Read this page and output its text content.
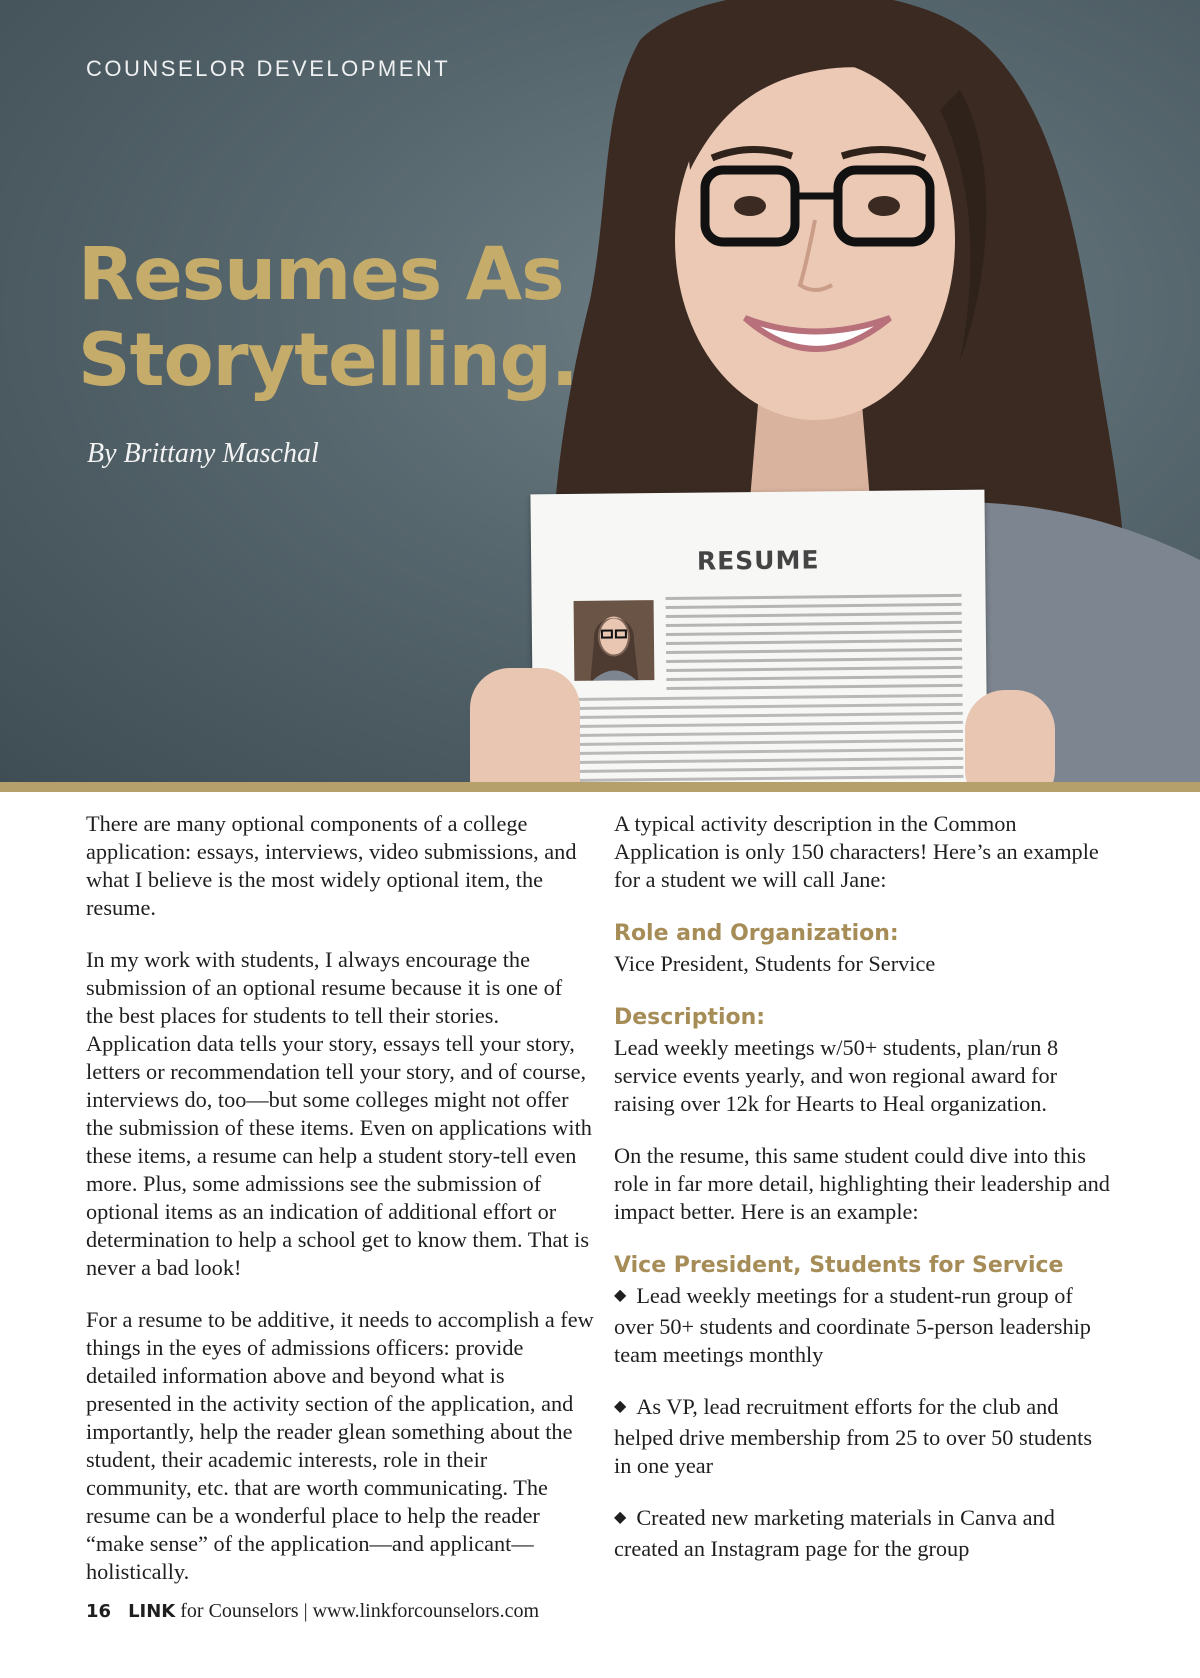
RESUME
COUNSELOR DEVELOPMENT
Resumes As Storytelling.

By Brittany Maschal

There are many optional components of a college application: essays, interviews, video submissions, and what I believe is the most widely optional item, the resume.

In my work with students, I always encourage the submission of an optional resume because it is one of the best places for students to tell their stories. Application data tells your story, essays tell your story, letters or recommendation tell your story, and of course, interviews do, too—but some colleges might not offer the submission of these items. Even on applications with these items, a resume can help a student story-tell even more. Plus, some admissions see the submission of optional items as an indication of additional effort or determination to help a school get to know them. That is never a bad look!

For a resume to be additive, it needs to accomplish a few things in the eyes of admissions officers: provide detailed information above and beyond what is presented in the activity section of the application, and importantly, help the reader glean something about the student, their academic interests, role in their community, etc. that are worth communicating. The resume can be a wonderful place to help the reader “make sense” of the application—and applicant—holistically.

A typical activity description in the Common Application is only 150 characters! Here’s an example for a student we will call Jane:

Role and Organization:

Vice President, Students for Service

Description:

Lead weekly meetings w/50+ students, plan/run 8 service events yearly, and won regional award for raising over 12k for Hearts to Heal organization.

On the resume, this same student could dive into this role in far more detail, highlighting their leadership and impact better. Here is an example:

Vice President, Students for Service

◆ Lead weekly meetings for a student-run group of over 50+ students and coordinate 5-person leadership team meetings monthly

◆ As VP, lead recruitment efforts for the club and helped drive membership from 25 to over 50 students in one year

◆ Created new marketing materials in Canva and created an Instagram page for the group

16 LINK for Counselors | www.linkforcounselors.com
